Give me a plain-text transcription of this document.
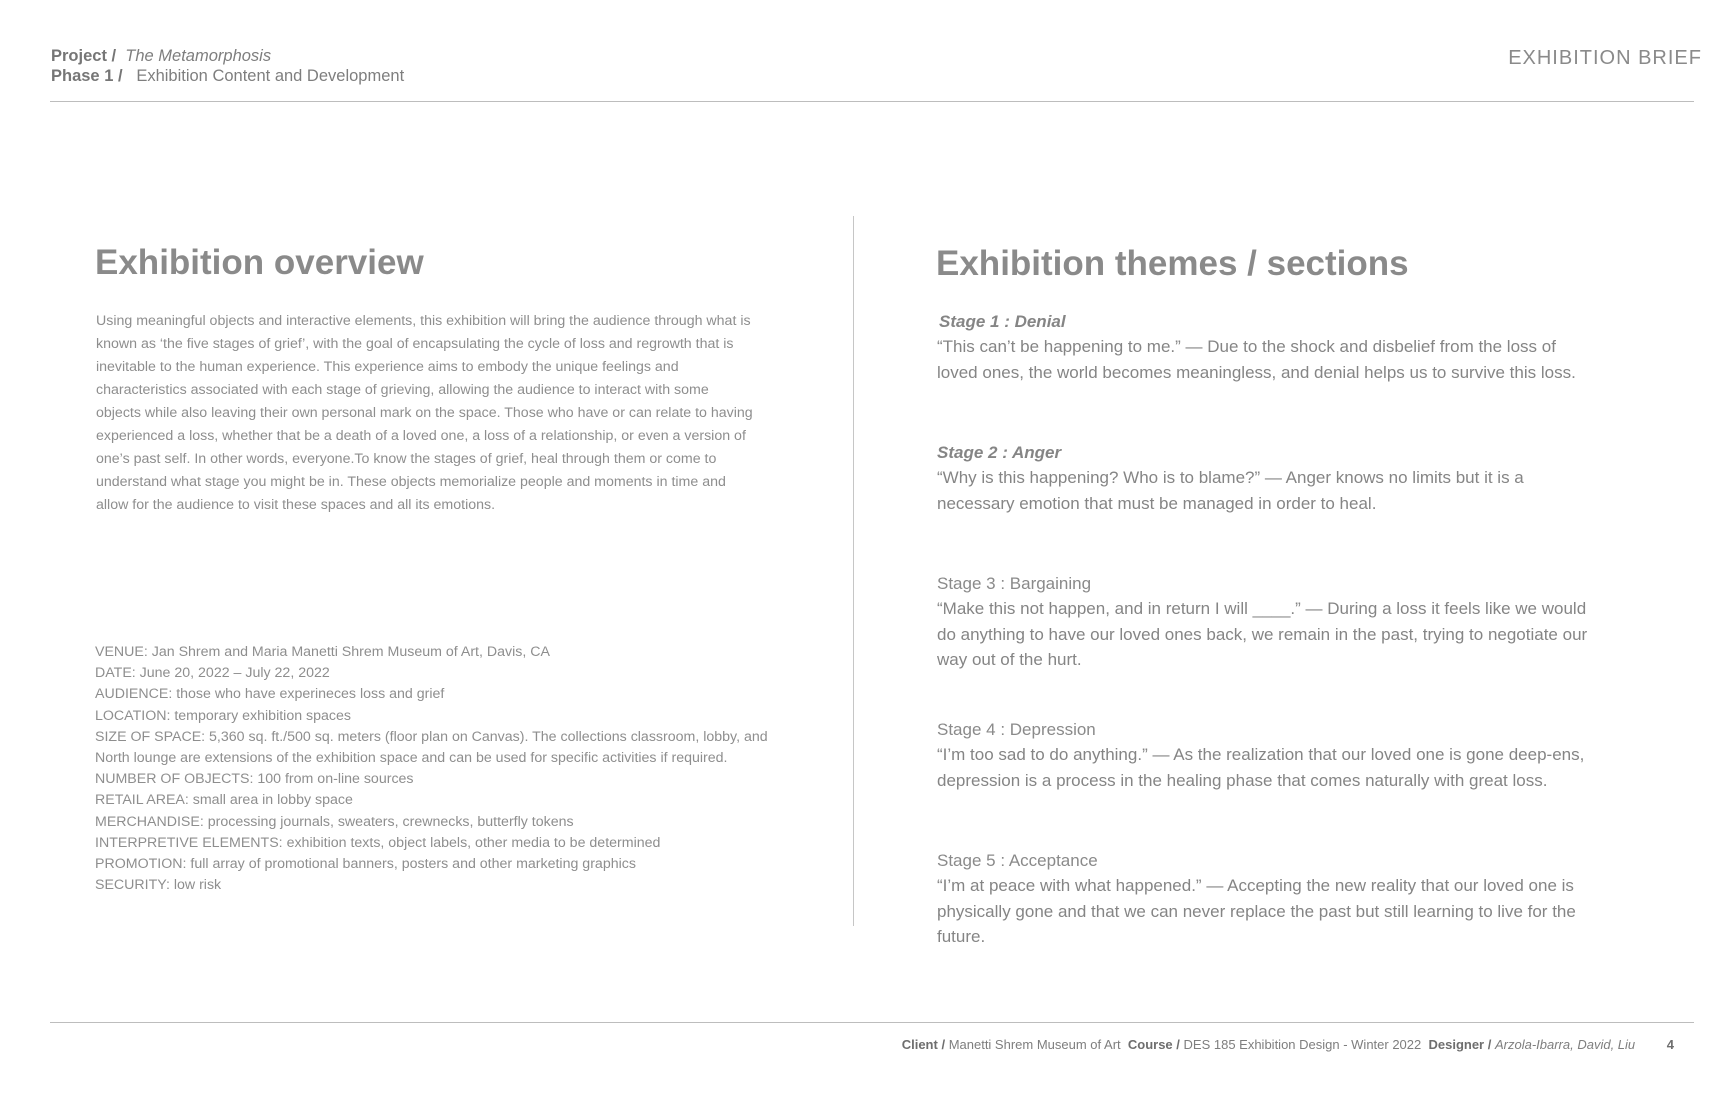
Project / The Metamorphosis
Phase 1 / Exhibition Content and Development
EXHIBITION BRIEF
Exhibition overview
Using meaningful objects and interactive elements, this exhibition will bring the audience through what is known as ‘the five stages of grief’, with the goal of encapsulating the cycle of loss and regrowth that is inevitable to the human experience. This experience aims to embody the unique feelings and characteristics associated with each stage of grieving, allowing the audience to interact with some objects while also leaving their own personal mark on the space. Those who have or can relate to having experienced a loss, whether that be a death of a loved one, a loss of a relationship, or even a version of one’s past self. In other words, everyone.To know the stages of grief, heal through them or come to understand what stage you might be in. These objects memorialize people and moments in time and allow for the audience to visit these spaces and all its emotions.
VENUE: Jan Shrem and Maria Manetti Shrem Museum of Art, Davis, CA
DATE: June 20, 2022 – July 22, 2022
AUDIENCE: those who have experineces loss and grief
LOCATION: temporary exhibition spaces
SIZE OF SPACE: 5,360 sq. ft./500 sq. meters (floor plan on Canvas). The collections classroom, lobby, and North lounge are extensions of the exhibition space and can be used for specific activities if required.
NUMBER OF OBJECTS: 100 from on-line sources
RETAIL AREA: small area in lobby space
MERCHANDISE: processing journals, sweaters, crewnecks, butterfly tokens
INTERPRETIVE ELEMENTS: exhibition texts, object labels, other media to be determined
PROMOTION: full array of promotional banners, posters and other marketing graphics
SECURITY: low risk
Exhibition themes / sections
Stage 1 : Denial
“This can’t be happening to me.” — Due to the shock and disbelief from the loss of loved ones, the world becomes meaningless, and denial helps us to survive this loss.
Stage 2 : Anger
“Why is this happening? Who is to blame?” — Anger knows no limits but it is a necessary emotion that must be managed in order to heal.
Stage 3 : Bargaining
“Make this not happen, and in return I will ____.” — During a loss it feels like we would do anything to have our loved ones back, we remain in the past, trying to negotiate our way out of the hurt.
Stage 4 : Depression
“I’m too sad to do anything.” — As the realization that our loved one is gone deep-ens, depression is a process in the healing phase that comes naturally with great loss.
Stage 5 : Acceptance
“I’m at peace with what happened.” — Accepting the new reality that our loved one is physically gone and that we can never replace the past but still learning to live for the future.
Client / Manetti Shrem Museum of Art Course / DES 185 Exhibition Design - Winter 2022 Designer / Arzola-Ibarra, David, Liu 4
